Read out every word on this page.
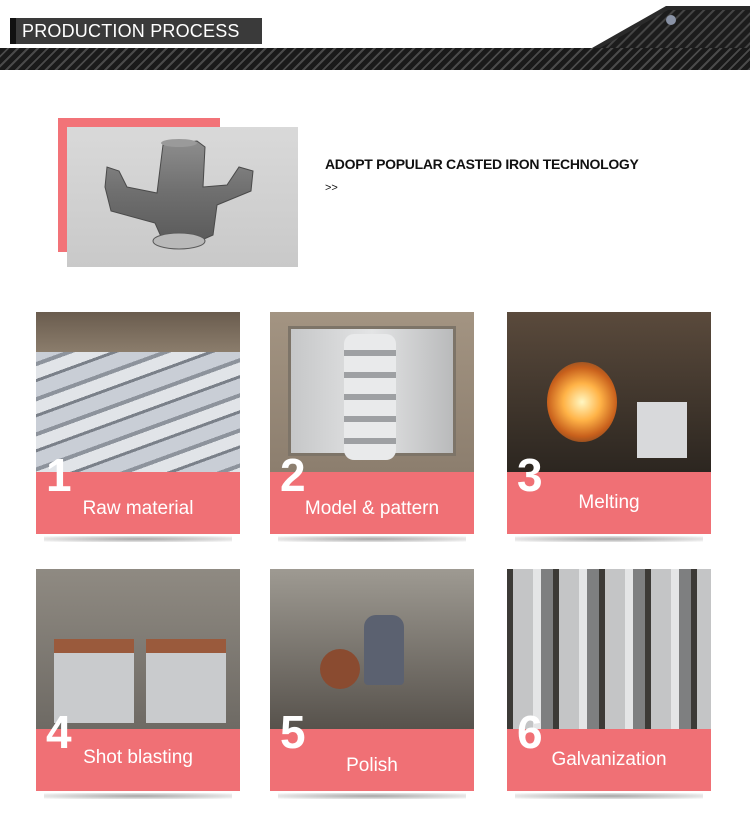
PRODUCTION PROCESS
ADOPT POPULAR CASTED IRON TECHNOLOGY
>>
1
Raw material
2
Model & pattern
3
Melting
4 Shot blasting	5
Polish
6
Galvanization
